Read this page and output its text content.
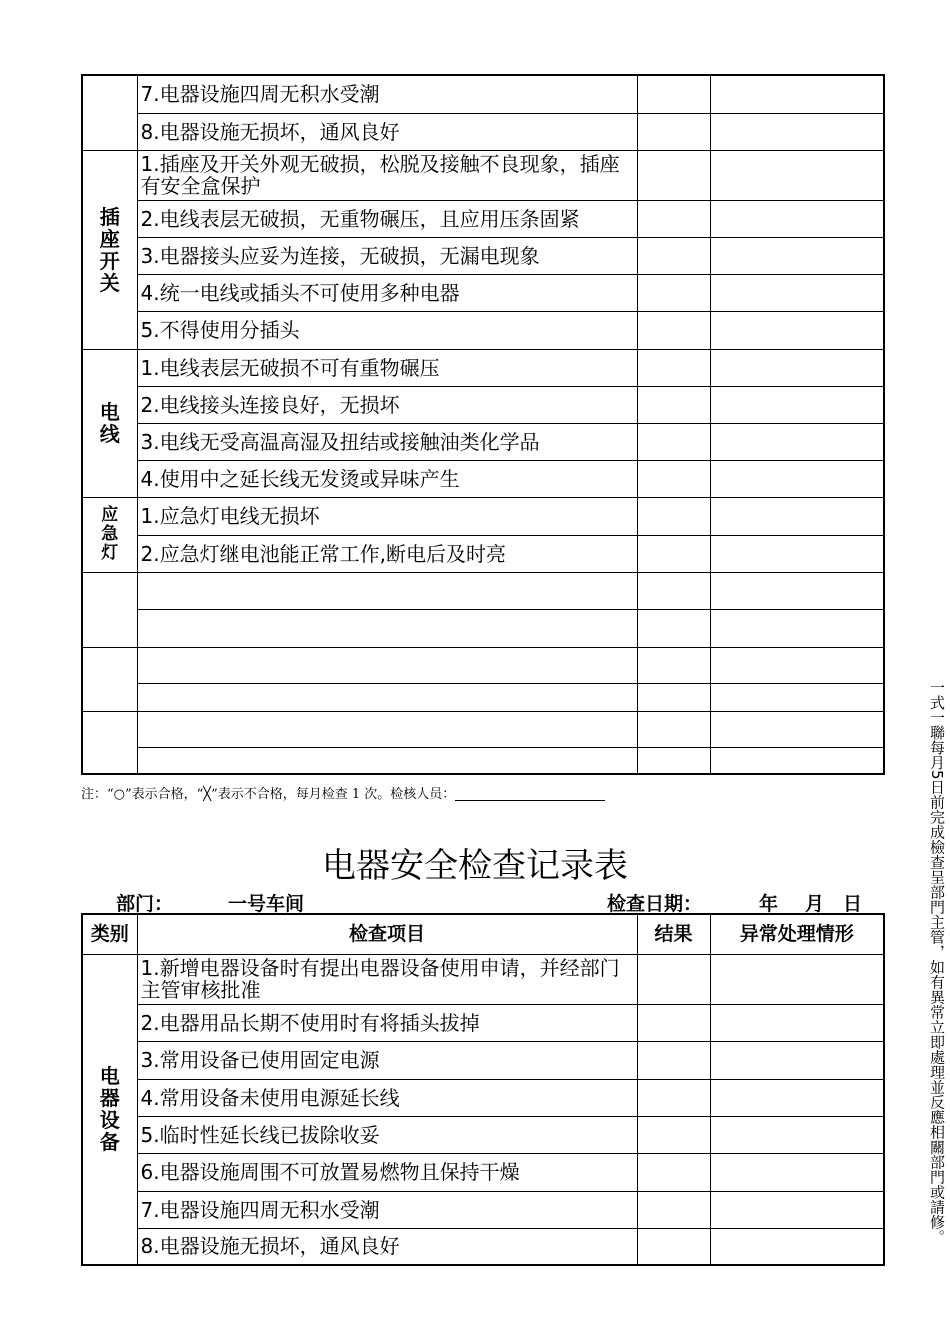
	7.电器设施四周无积水受潮		
	8.电器设施无损坏，通风良好		

插座开关	1.插座及开关外观无破损，松脱及接触不良现象，插座有安全盒保护		
	2.电线表层无破损，无重物碾压，且应用压条固紧		
	3.电器接头应妥为连接，无破损，无漏电现象		
	4.统一电线或插头不可使用多种电器		
	5.不得使用分插头		

电线	1.电线表层无破损不可有重物碾压		
	2.电线接头连接良好，无损坏		
	3.电线无受高温高湿及扭结或接触油类化学品		
	4.使用中之延长线无发烫或异味产生		

应急灯	1.应急灯电线无损坏		
	2.应急灯继电池能正常工作,断电后及时亮		

注：“○”表示合格，“╳”表示不合格，每月检查 1 次。检核人员：
电器安全检查记录表
部门：	一号车间	检查日期：	年 月 日
类别	检查项目	结果	异常处理情形

电器设备	1.新增电器设备时有提出电器设备使用申请，并经部门主管审核批准		
	2.电器用品长期不使用时有将插头拔掉		
	3.常用设备已使用固定电源		
	4.常用设备未使用电源延长线		
	5.临时性延长线已拔除收妥		
	6.电器设施周围不可放置易燃物且保持干燥		
	7.电器设施四周无积水受潮		
	8.电器设施无损坏，通风良好		
一式一聯每月5日前完成檢查呈部門主管，如有異常立即處理並反應相關部門或請修。
